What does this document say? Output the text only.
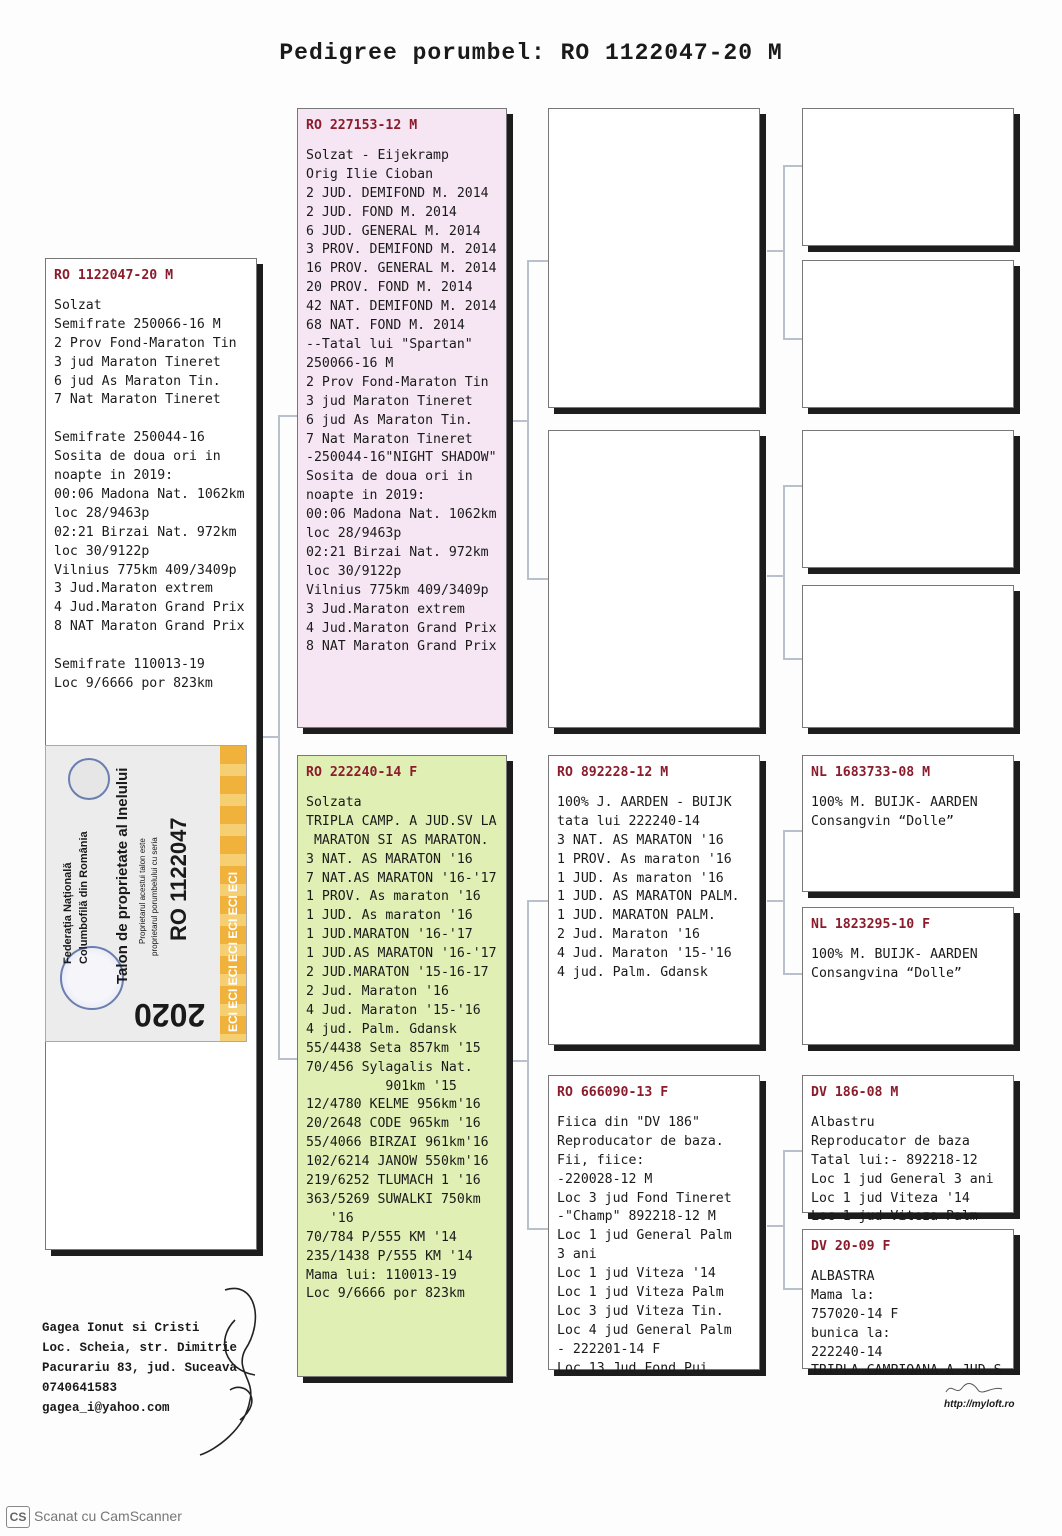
Pedigree porumbel: RO 1122047-20 M
RO 1122047-20 M
Solzat
Semifrate 250066-16 M
2 Prov Fond-Maraton Tin
3 jud Maraton Tineret
6 jud As Maraton Tin.
7 Nat Maraton Tineret
Semifrate 250044-16
Sosita de doua ori in
noapte in 2019:
00:06 Madona Nat. 1062km
loc 28/9463p
02:21 Birzai Nat. 972km
loc 30/9122p
Vilnius 775km 409/3409p
3 Jud.Maraton extrem
4 Jud.Maraton Grand Prix
8 NAT Maraton Grand Prix
Semifrate 110013-19
Loc 9/6666 por 823km
Federația Națională Columbofilă din România Talon de proprietate al Inelului Proprietarul acestui talon este proprietarul porumbelului cu seria RO 1122047
2020 ECI ECI ECI ECI ECI ECI ECI
RO 227153-12 M
Solzat - Eijekramp
Orig Ilie Cioban
2 JUD. DEMIFOND M. 2014
2 JUD. FOND M. 2014
6 JUD. GENERAL M. 2014
3 PROV. DEMIFOND M. 2014
16 PROV. GENERAL M. 2014
20 PROV. FOND M. 2014
42 NAT. DEMIFOND M. 2014
68 NAT. FOND M. 2014
--Tatal lui "Spartan"
250066-16 M
2 Prov Fond-Maraton Tin
3 jud Maraton Tineret
6 jud As Maraton Tin.
7 Nat Maraton Tineret
-250044-16"NIGHT SHADOW"
Sosita de doua ori in
noapte in 2019:
00:06 Madona Nat. 1062km
loc 28/9463p
02:21 Birzai Nat. 972km
loc 30/9122p
Vilnius 775km 409/3409p
3 Jud.Maraton extrem
4 Jud.Maraton Grand Prix
8 NAT Maraton Grand Prix
RO 222240-14 F
Solzata
TRIPLA CAMP. A JUD.SV LA
MARATON SI AS MARATON.
3 NAT. AS MARATON '16
7 NAT.AS MARATON '16-'17
1 PROV. As maraton '16
1 JUD. As maraton '16
1 JUD.MARATON '16-'17
1 JUD.AS MARATON '16-'17
2 JUD.MARATON '15-16-17
2 Jud. Maraton '16
4 Jud. Maraton '15-'16
4 jud. Palm. Gdansk
55/4438 Seta 857km '15
70/456 Sylagalis Nat.
901km '15
12/4780 KELME 956km'16
20/2648 CODE 965km '16
55/4066 BIRZAI 961km'16
102/6214 JANOW 550km'16
219/6252 TLUMACH 1 '16
363/5269 SUWALKI 750km
'16
70/784 P/555 KM '14
235/1438 P/555 KM '14
Mama lui: 110013-19
Loc 9/6666 por 823km
RO 892228-12 M
100% J. AARDEN - BUIJK
tata lui 222240-14
3 NAT. AS MARATON '16
1 PROV. As maraton '16
1 JUD. As maraton '16
1 JUD. AS MARATON PALM.
1 JUD. MARATON PALM.
2 Jud. Maraton '16
4 Jud. Maraton '15-'16
4 jud. Palm. Gdansk
RO 666090-13 F
Fiica din "DV 186"
Reproducator de baza.
Fii, fiice:
-220028-12 M
Loc 3 jud Fond Tineret
-"Champ" 892218-12 M
Loc 1 jud General Palm
3 ani
Loc 1 jud Viteza '14
Loc 1 jud Viteza Palm
Loc 3 jud Viteza Tin.
Loc 4 jud General Palm
- 222201-14 F
Loc 13 Jud Fond Pui
NL 1683733-08 M
100% M. BUIJK- AARDEN
Consangvin “Dolle”
NL 1823295-10 F
100% M. BUIJK- AARDEN
Consangvina “Dolle”
DV 186-08 M
Albastru
Reproducator de baza
Tatal lui:- 892218-12
Loc 1 jud General 3 ani
Loc 1 jud Viteza '14
Loc 1 jud Viteza Palm
DV 20-09 F
ALBASTRA
Mama la:
757020-14 F
bunica la:
222240-14
TRIPLA CAMPIOANA A JUD.S
Gagea Ionut si Cristi
Loc. Scheia, str. Dimitrie
Pacurariu 83, jud. Suceava
0740641583
gagea_i@yahoo.com	http://myloft.ro
CS Scanat cu CamScanner
